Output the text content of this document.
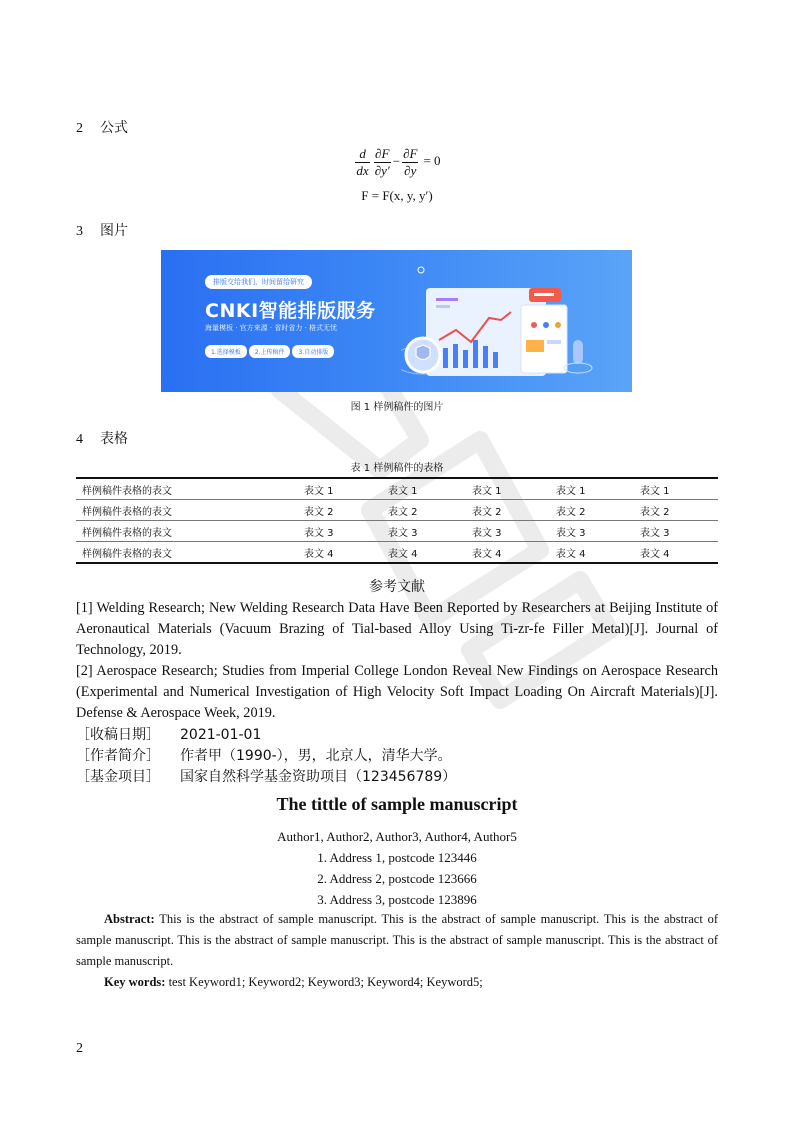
2 公式
$\frac{d}{dx} \frac{\partial F}{\partial y'} - \frac{\partial F}{\partial y} = 0$
F = F(x, y, y′)
3 图片
排版交给我们，时间留给研究
CNKI智能排版服务
海量模板 · 官方来源 · 省时省力 · 格式无忧
1.选择模板	2.上传稿件	3.自动排版
图 1 样例稿件的图片
4 表格
表 1 样例稿件的表格
样例稿件表格的表文	表文 1	表文 1	表文 1	表文 1	表文 1
样例稿件表格的表文	表文 2	表文 2	表文 2	表文 2	表文 2
样例稿件表格的表文	表文 3	表文 3	表文 3	表文 3	表文 3
样例稿件表格的表文	表文 4	表文 4	表文 4	表文 4	表文 4
参考文献
[1] Welding Research; New Welding Research Data Have Been Reported by Researchers at Beijing Institute of Aeronautical Materials (Vacuum Brazing of Tial-based Alloy Using Ti-zr-fe Filler Metal)[J]. Journal of Technology, 2019.
[2] Aerospace Research; Studies from Imperial College London Reveal New Findings on Aerospace Research (Experimental and Numerical Investigation of High Velocity Soft Impact Loading On Aircraft Materials)[J]. Defense & Aerospace Week, 2019.
［收稿日期］ 2021-01-01
［作者简介］ 作者甲（1990-），男，北京人，清华大学。
［基金项目］ 国家自然科学基金资助项目（123456789）
The tittle of sample manuscript
Author1, Author2, Author3, Author4, Author5
1. Address 1, postcode 123446
2. Address 2, postcode 123666
3. Address 3, postcode 123896
Abstract: This is the abstract of sample manuscript. This is the abstract of sample manuscript. This is the abstract of sample manuscript. This is the abstract of sample manuscript. This is the abstract of sample manuscript. This is the abstract of sample manuscript.
Key words: test Keyword1; Keyword2; Keyword3; Keyword4; Keyword5;
2
